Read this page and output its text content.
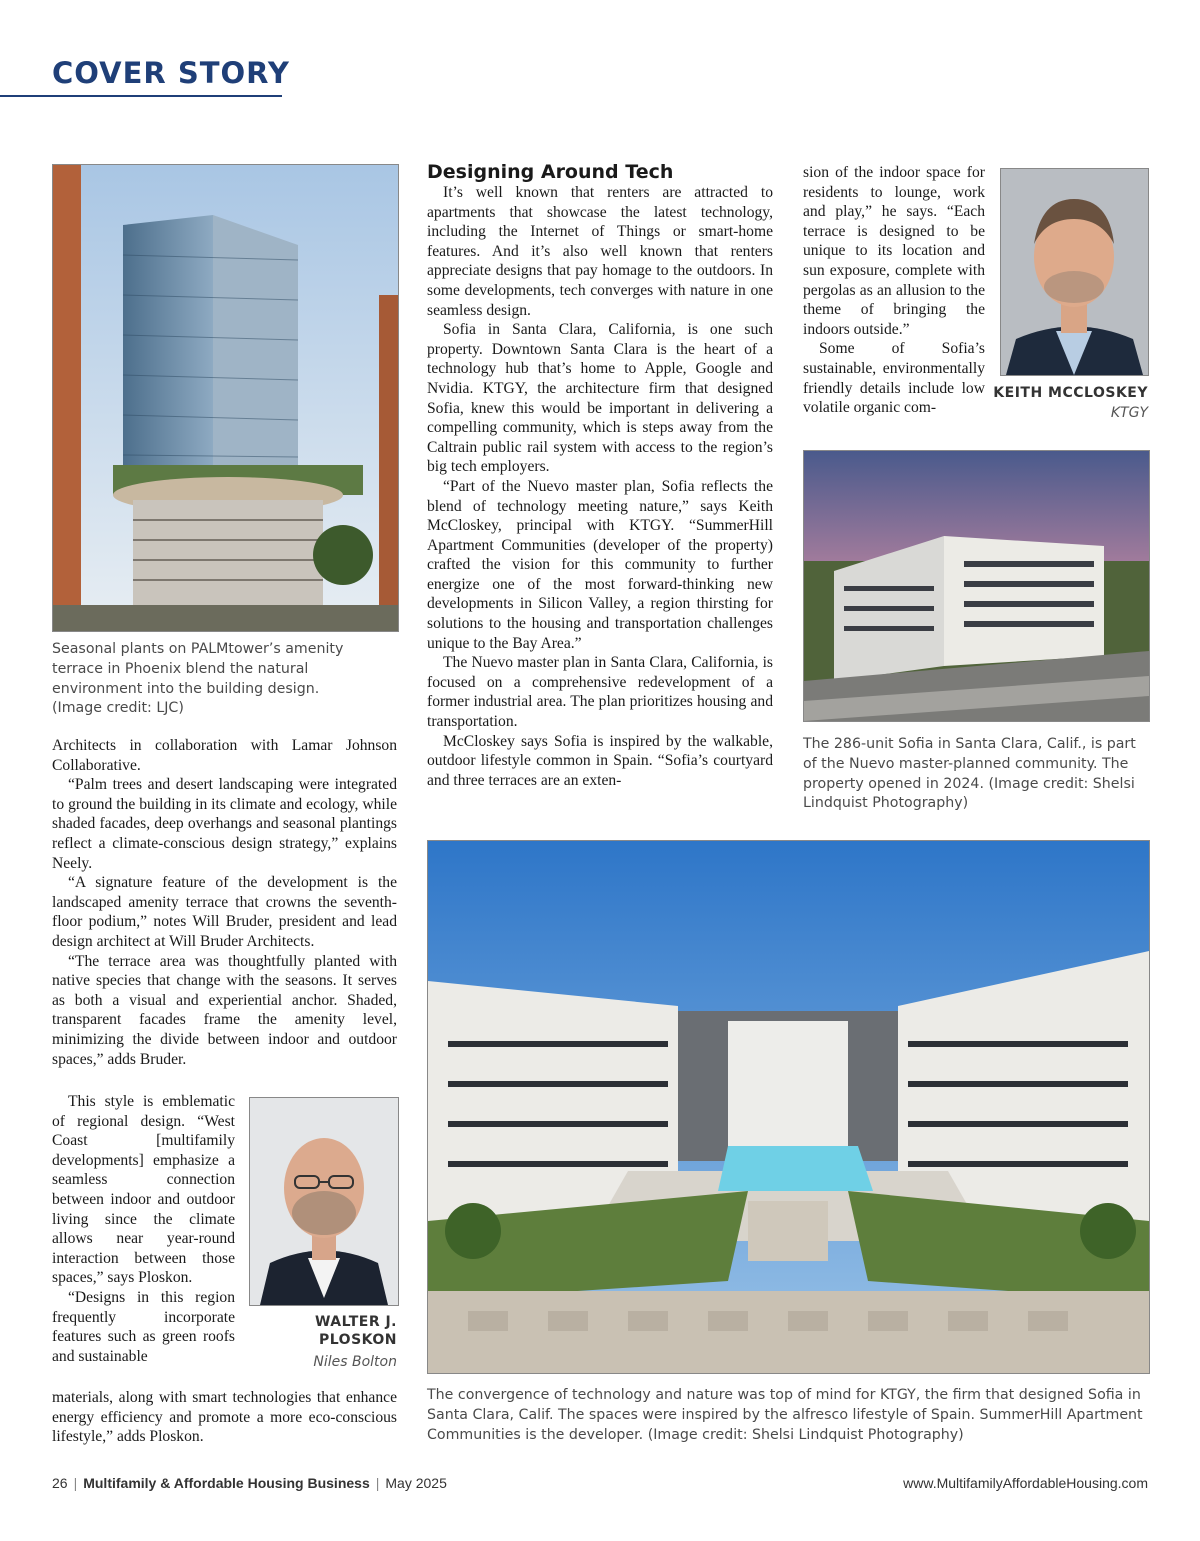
COVER STORY
Seasonal plants on PALMtower’s amenity terrace in Phoenix blend the natural environment into the building design. (Image credit: LJC)

Architects in collaboration with Lamar Johnson Collaborative.

“Palm trees and desert landscaping were integrated to ground the building in its climate and ecology, while shaded facades, deep overhangs and seasonal plantings reflect a climate-conscious design strategy,” explains Neely.

“A signature feature of the development is the landscaped amenity terrace that crowns the seventh-floor podium,” notes Will Bruder, president and lead design architect at Will Bruder Architects.

“The terrace area was thoughtfully planted with native species that change with the seasons. It serves as both a visual and experiential anchor. Shaded, transparent facades frame the amenity level, minimizing the divide between indoor and outdoor spaces,” adds Bruder.

This style is emblematic of regional design. “West Coast [multifamily developments] emphasize a seamless connection between indoor and outdoor living since the climate allows near year-round interaction between those spaces,” says Ploskon.

“Designs in this region frequently incorporate features such as green roofs and sustainable

materials, along with smart technologies that enhance energy efficiency and promote a more eco-conscious lifestyle,” adds Ploskon.

WALTER J. PLOSKON
Niles Bolton
Designing Around Tech

It’s well known that renters are attracted to apartments that showcase the latest technology, including the Internet of Things or smart-home features. And it’s also well known that renters appreciate designs that pay homage to the outdoors. In some developments, tech converges with nature in one seamless design.

Sofia in Santa Clara, California, is one such property. Downtown Santa Clara is the heart of a technology hub that’s home to Apple, Google and Nvidia. KTGY, the architecture firm that designed Sofia, knew this would be important in delivering a compelling community, which is steps away from the Caltrain public rail system with access to the region’s big tech employers.

“Part of the Nuevo master plan, Sofia reflects the blend of technology meeting nature,” says Keith McCloskey, principal with KTGY. “SummerHill Apartment Communities (developer of the property) crafted the vision for this community to further energize one of the most forward-thinking new developments in Silicon Valley, a region thirsting for solutions to the housing and transportation challenges unique to the Bay Area.”

The Nuevo master plan in Santa Clara, California, is focused on a comprehensive redevelopment of a former industrial area. The plan prioritizes housing and transportation.

McCloskey says Sofia is inspired by the walkable, outdoor lifestyle common in Spain. “Sofia’s courtyard and three terraces are an exten-

sion of the indoor space for residents to lounge, work and play,” he says. “Each terrace is designed to be unique to its location and sun exposure, complete with pergolas as an allusion to the theme of bringing the indoors outside.”

Some of Sofia’s sustainable, environmentally friendly details include low volatile organic com-

KEITH MCCLOSKEY
KTGY
The 286-unit Sofia in Santa Clara, Calif., is part of the Nuevo master-planned community. The property opened in 2024. (Image credit: Shelsi Lindquist Photography)
The convergence of technology and nature was top of mind for KTGY, the firm that designed Sofia in Santa Clara, Calif. The spaces were inspired by the alfresco lifestyle of Spain. SummerHill Apartment Communities is the developer. (Image credit: Shelsi Lindquist Photography)
26 | Multifamily & Affordable Housing Business | May 2025	www.MultifamilyAffordableHousing.com
